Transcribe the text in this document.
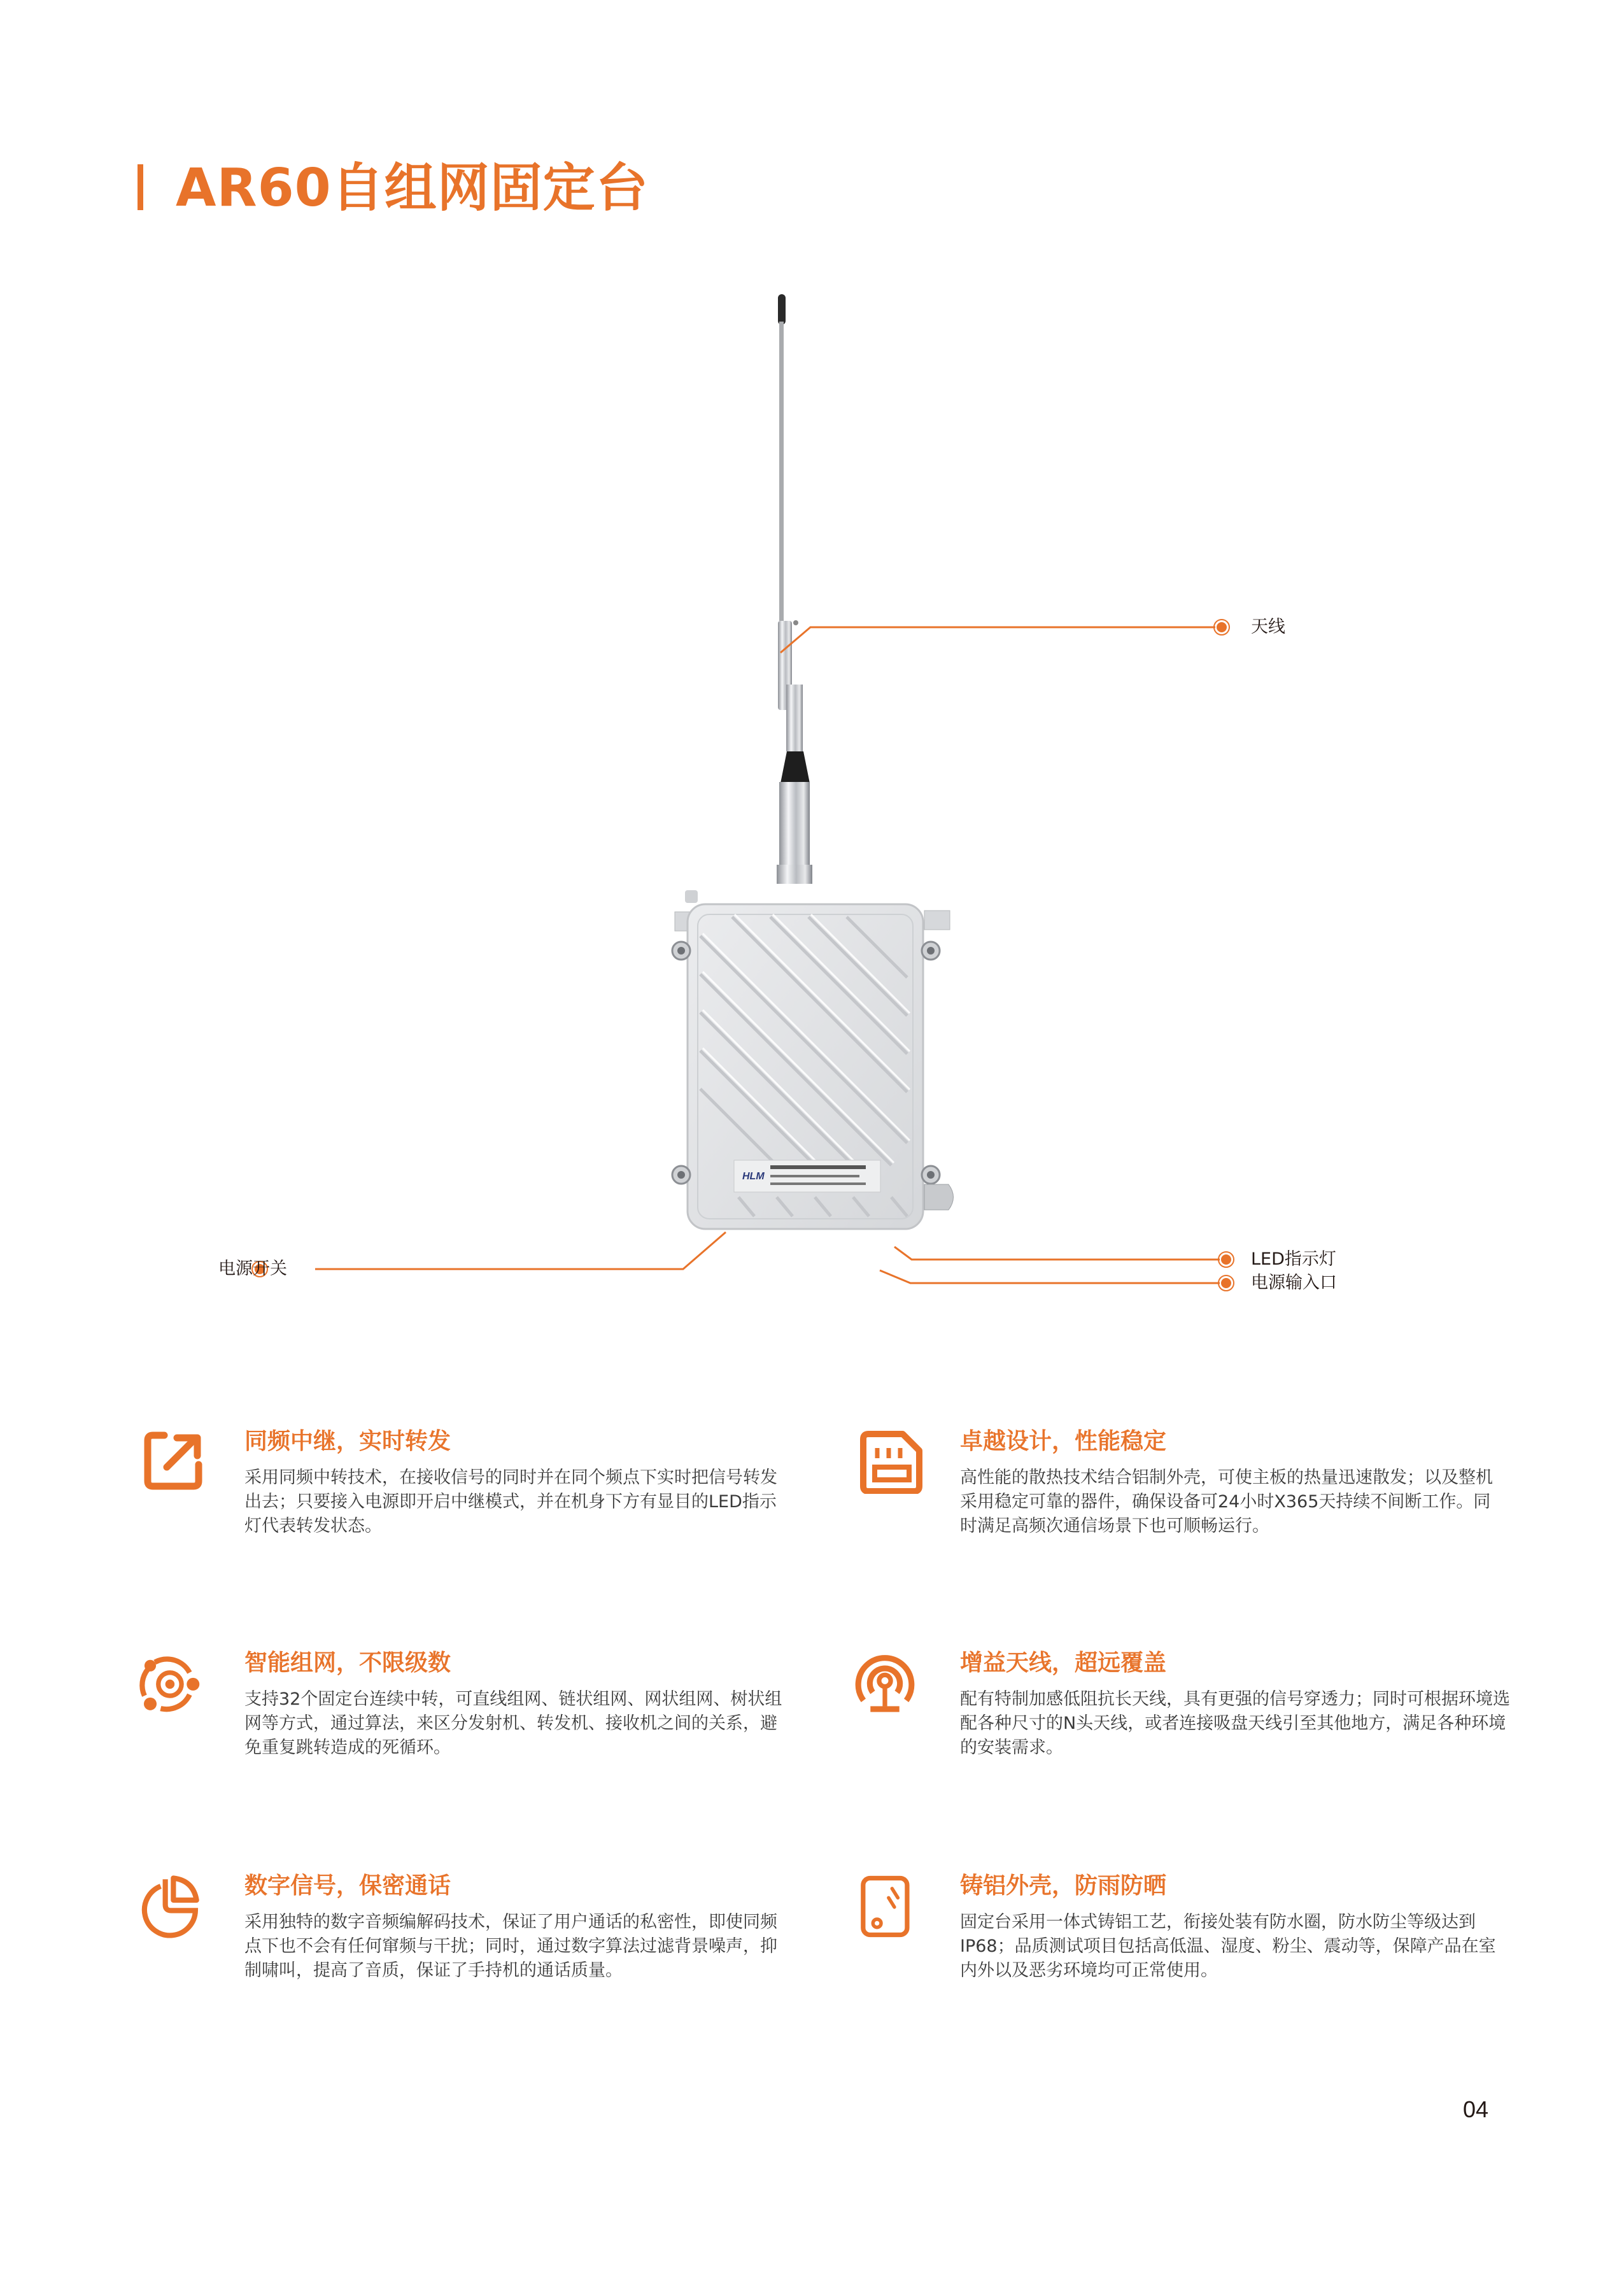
AR60自组网固定台
HLM
天线
LED指示灯
电源输入口
电源开关
同频中继，实时转发
采用同频中转技术，在接收信号的同时并在同个频点下实时把信号转发出去；只要接入电源即开启中继模式，并在机身下方有显目的LED指示灯代表转发状态。
卓越设计，性能稳定
高性能的散热技术结合铝制外壳，可使主板的热量迅速散发；以及整机采用稳定可靠的器件，确保设备可24小时X365天持续不间断工作。同时满足高频次通信场景下也可顺畅运行。
智能组网，不限级数
支持32个固定台连续中转，可直线组网、链状组网、网状组网、树状组网等方式，通过算法，来区分发射机、转发机、接收机之间的关系，避免重复跳转造成的死循环。
增益天线，超远覆盖
配有特制加感低阻抗长天线，具有更强的信号穿透力；同时可根据环境选配各种尺寸的N头天线，或者连接吸盘天线引至其他地方，满足各种环境的安装需求。
数字信号，保密通话
采用独特的数字音频编解码技术，保证了用户通话的私密性，即使同频点下也不会有任何窜频与干扰；同时，通过数字算法过滤背景噪声，抑制啸叫，提高了音质，保证了手持机的通话质量。
铸铝外壳，防雨防晒
固定台采用一体式铸铝工艺，衔接处装有防水圈，防水防尘等级达到IP68；品质测试项目包括高低温、湿度、粉尘、震动等，保障产品在室内外以及恶劣环境均可正常使用。
04
